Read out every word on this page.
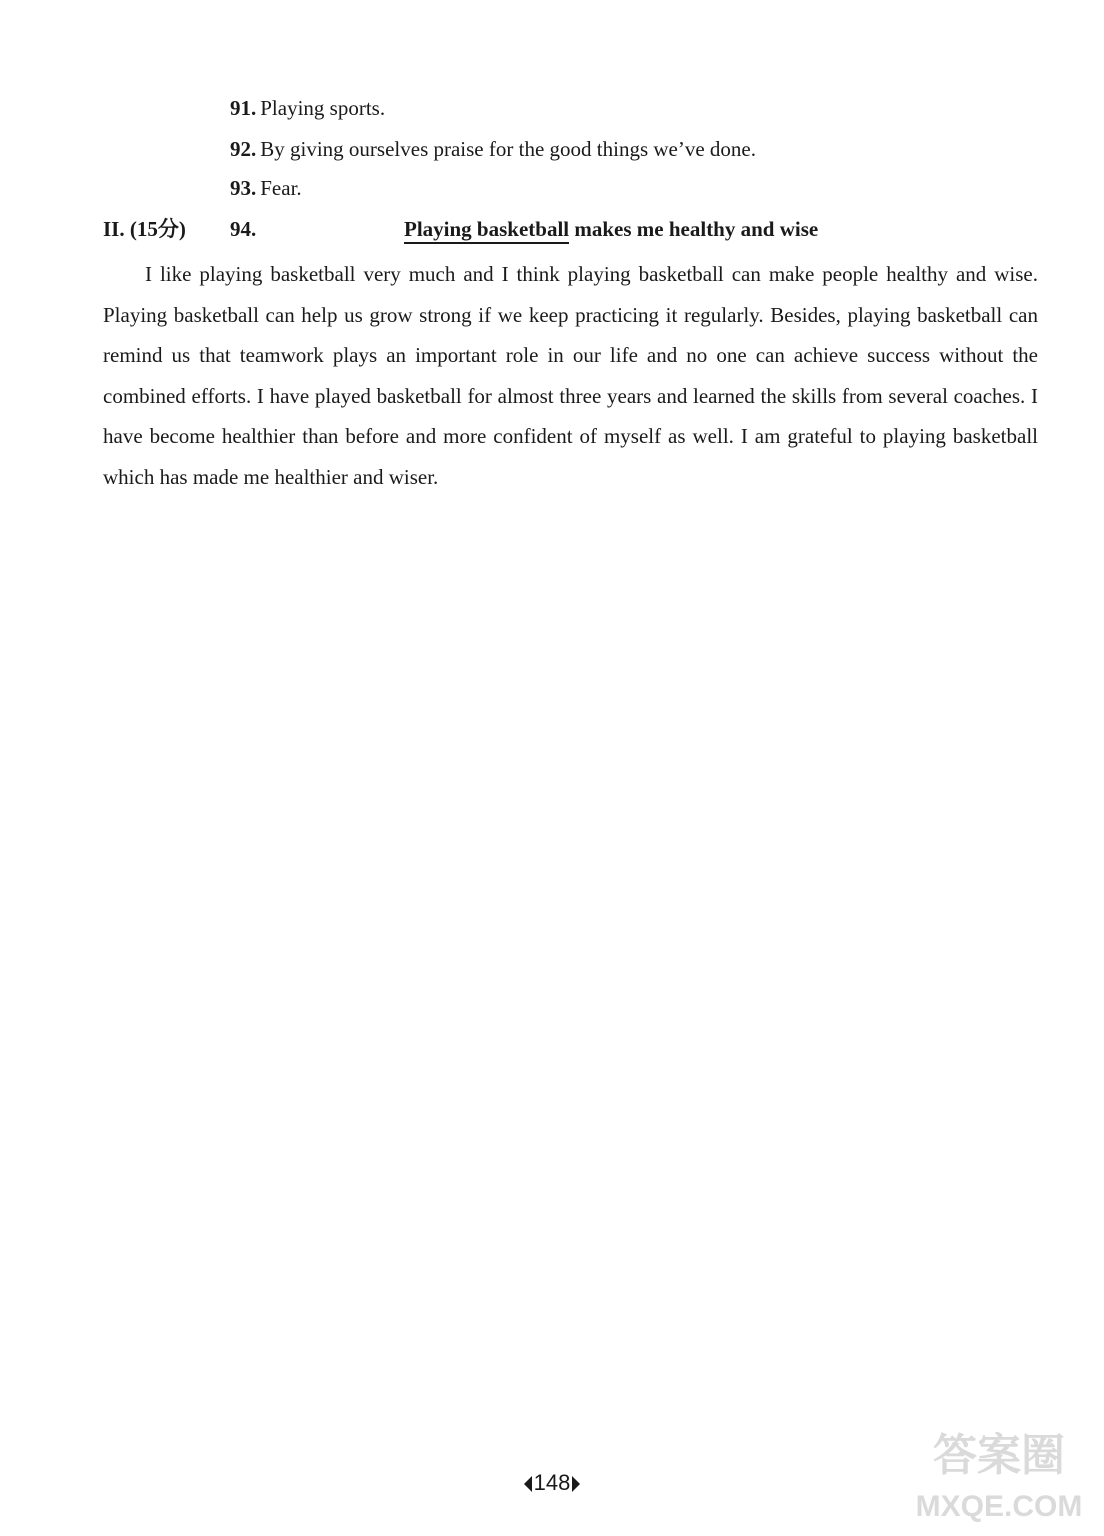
91. Playing sports.
92. By giving ourselves praise for the good things we’ve done.
93. Fear.
II. (15分) 94.	Playing basketball makes me healthy and wise

I like playing basketball very much and I think playing basketball can make people healthy and wise. Playing basketball can help us grow strong if we keep practicing it regularly. Besides, playing basketball can remind us that teamwork plays an important role in our life and no one can achieve success without the combined efforts. I have played basketball for almost three years and learned the skills from several coaches. I have become healthier than before and more confident of myself as well. I am grateful to playing basketball which has made me healthier and wiser.

148
答案圈
MXQE.COM
